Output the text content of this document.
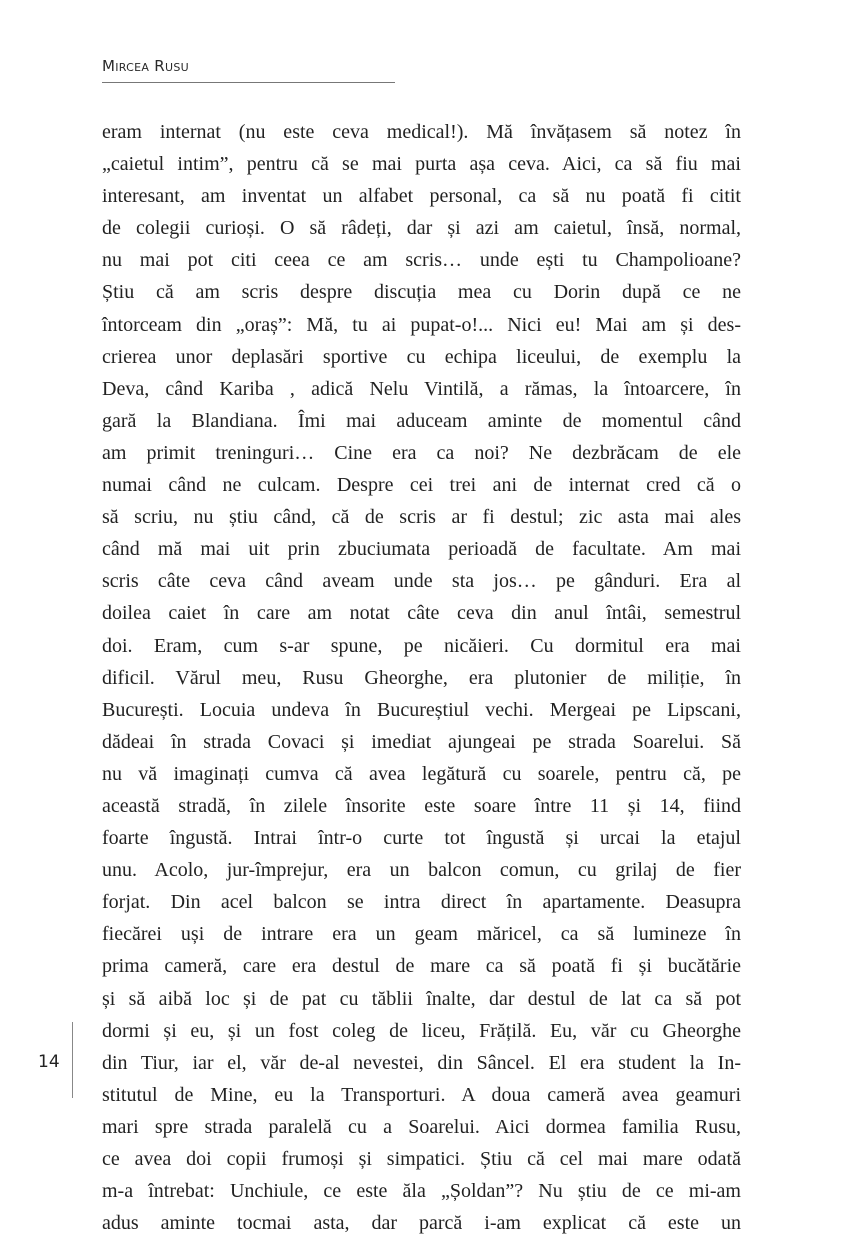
Mircea Rusu
eram internat (nu este ceva medical!). Mă învățasem să notez în
„caietul intim”, pentru că se mai purta așa ceva. Aici, ca să fiu mai
interesant, am inventat un alfabet personal, ca să nu poată fi citit
de colegii curioși. O să râdeți, dar și azi am caietul, însă, normal,
nu mai pot citi ceea ce am scris… unde ești tu Champolioane?
Știu că am scris despre discuția mea cu Dorin după ce ne
întorceam din „oraș”: Mă, tu ai pupat-o!... Nici eu! Mai am și des-
crierea unor deplasări sportive cu echipa liceului, de exemplu la
Deva, când Kariba , adică Nelu Vintilă, a rămas, la întoarcere, în
gară la Blandiana. Îmi mai aduceam aminte de momentul când
am primit treninguri… Cine era ca noi? Ne dezbrăcam de ele
numai când ne culcam. Despre cei trei ani de internat cred că o
să scriu, nu știu când, că de scris ar fi destul; zic asta mai ales
când mă mai uit prin zbuciumata perioadă de facultate. Am mai
scris câte ceva când aveam unde sta jos… pe gânduri. Era al
doilea caiet în care am notat câte ceva din anul întâi, semestrul
doi. Eram, cum s-ar spune, pe nicăieri. Cu dormitul era mai
dificil. Vărul meu, Rusu Gheorghe, era plutonier de miliție, în
București. Locuia undeva în Bucureștiul vechi. Mergeai pe Lipscani,
dădeai în strada Covaci și imediat ajungeai pe strada Soarelui. Să
nu vă imaginați cumva că avea legătură cu soarele, pentru că, pe
această stradă, în zilele însorite este soare între 11 și 14, fiind
foarte îngustă. Intrai într-o curte tot îngustă și urcai la etajul
unu. Acolo, jur-împrejur, era un balcon comun, cu grilaj de fier
forjat. Din acel balcon se intra direct în apartamente. Deasupra
fiecărei uși de intrare era un geam măricel, ca să lumineze în
prima cameră, care era destul de mare ca să poată fi și bucătărie
și să aibă loc și de pat cu tăblii înalte, dar destul de lat ca să pot
dormi și eu, și un fost coleg de liceu, Frățilă. Eu, văr cu Gheorghe
din Tiur, iar el, văr de-al nevestei, din Sâncel. El era student la In-
stitutul de Mine, eu la Transporturi. A doua cameră avea geamuri
mari spre strada paralelă cu a Soarelui. Aici dormea familia Rusu,
ce avea doi copii frumoși și simpatici. Știu că cel mai mare odată
m-a întrebat: Unchiule, ce este ăla „Șoldan”? Nu știu de ce mi-am
adus aminte tocmai asta, dar parcă i-am explicat că este un
14
